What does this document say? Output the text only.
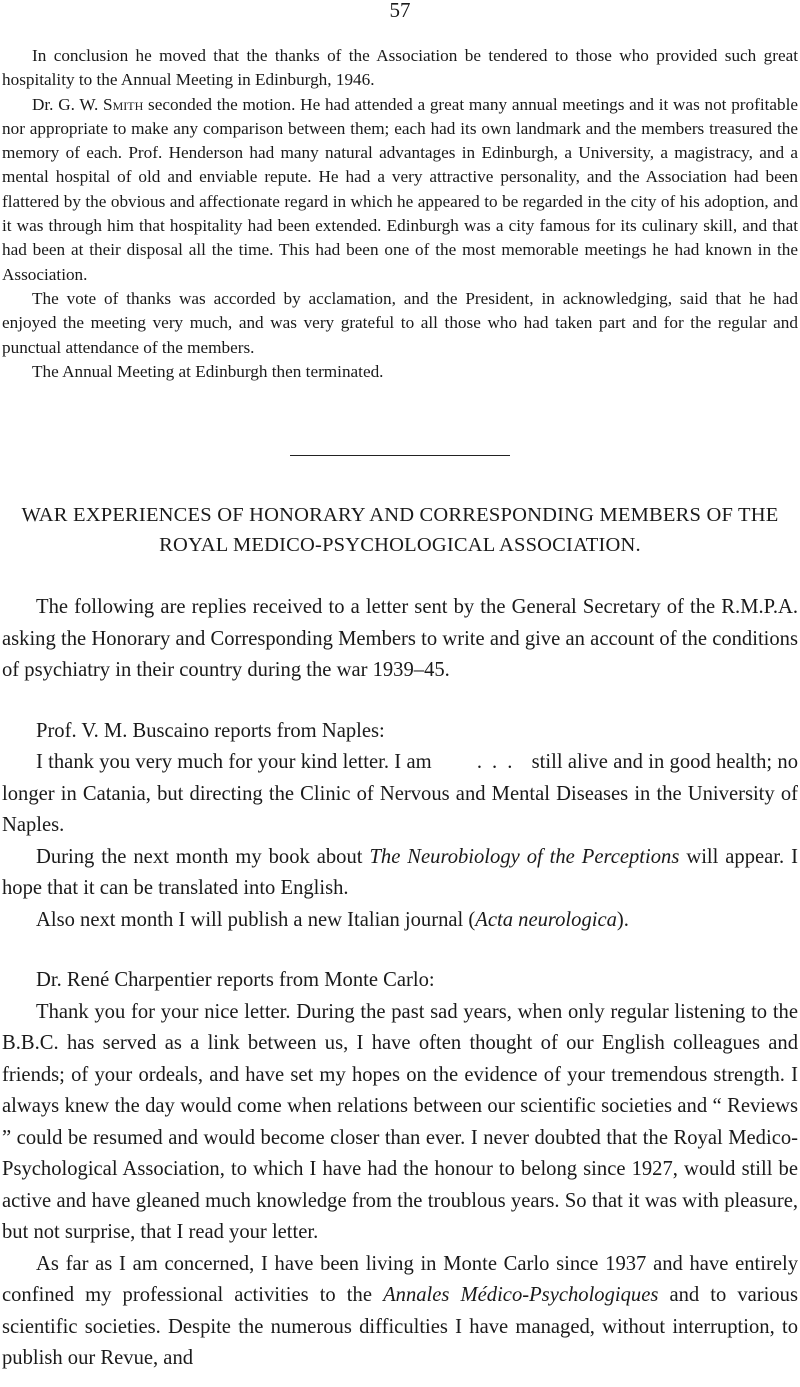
57

In conclusion he moved that the thanks of the Association be tendered to those who provided such great hospitality to the Annual Meeting in Edinburgh, 1946.

Dr. G. W. Smith seconded the motion. He had attended a great many annual meetings and it was not profitable nor appropriate to make any comparison between them; each had its own landmark and the members treasured the memory of each. Prof. Henderson had many natural advantages in Edinburgh, a University, a magistracy, and a mental hospital of old and enviable repute. He had a very attractive personality, and the Association had been flattered by the obvious and affectionate regard in which he appeared to be regarded in the city of his adoption, and it was through him that hospitality had been extended. Edinburgh was a city famous for its culinary skill, and that had been at their disposal all the time. This had been one of the most memorable meetings he had known in the Association.

The vote of thanks was accorded by acclamation, and the President, in acknowledging, said that he had enjoyed the meeting very much, and was very grateful to all those who had taken part and for the regular and punctual attendance of the members.

The Annual Meeting at Edinburgh then terminated.

WAR EXPERIENCES OF HONORARY AND CORRESPONDING MEMBERS OF THE ROYAL MEDICO-PSYCHOLOGICAL ASSOCIATION.

The following are replies received to a letter sent by the General Secretary of the R.M.P.A. asking the Honorary and Corresponding Members to write and give an account of the conditions of psychiatry in their country during the war 1939–45.

Prof. V. M. Buscaino reports from Naples:

I thank you very much for your kind letter. I am ... still alive and in good health; no longer in Catania, but directing the Clinic of Nervous and Mental Diseases in the University of Naples.

During the next month my book about The Neurobiology of the Perceptions will appear. I hope that it can be translated into English.

Also next month I will publish a new Italian journal (Acta neurologica).

Dr. René Charpentier reports from Monte Carlo:

Thank you for your nice letter. During the past sad years, when only regular listening to the B.B.C. has served as a link between us, I have often thought of our English colleagues and friends; of your ordeals, and have set my hopes on the evidence of your tremendous strength. I always knew the day would come when relations between our scientific societies and “ Reviews ” could be resumed and would become closer than ever. I never doubted that the Royal Medico-Psychological Association, to which I have had the honour to belong since 1927, would still be active and have gleaned much knowledge from the troublous years. So that it was with pleasure, but not surprise, that I read your letter.

As far as I am concerned, I have been living in Monte Carlo since 1937 and have entirely confined my professional activities to the Annales Médico-Psychologiques and to various scientific societies. Despite the numerous difficulties I have managed, without interruption, to publish our Revue, and
